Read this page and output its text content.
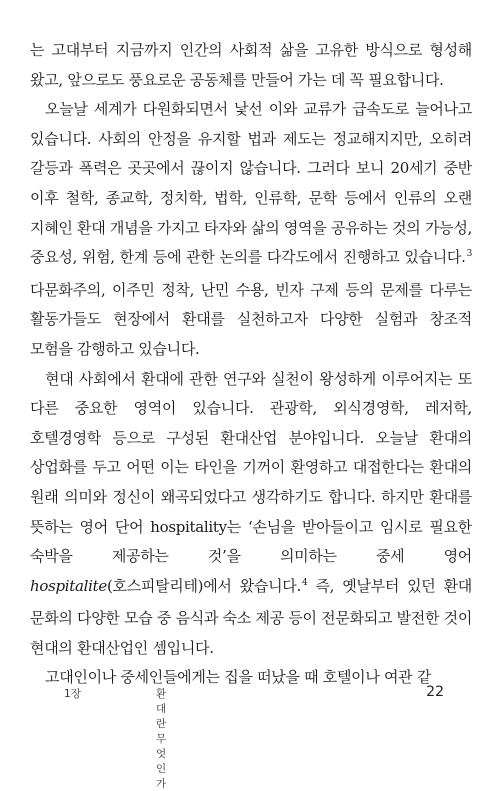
는 고대부터 지금까지 인간의 사회적 삶을 고유한 방식으로 형성해 왔고, 앞으로도 풍요로운 공동체를 만들어 가는 데 꼭 필요합니다.

오늘날 세계가 다원화되면서 낯선 이와 교류가 급속도로 늘어나고 있습니다. 사회의 안정을 유지할 법과 제도는 정교해지지만, 오히려 갈등과 폭력은 곳곳에서 끊이지 않습니다. 그러다 보니 20세기 중반 이후 철학, 종교학, 정치학, 법학, 인류학, 문학 등에서 인류의 오랜 지혜인 환대 개념을 가지고 타자와 삶의 영역을 공유하는 것의 가능성, 중요성, 위험, 한계 등에 관한 논의를 다각도에서 진행하고 있습니다.$^3$ 다문화주의, 이주민 정착, 난민 수용, 빈자 구제 등의 문제를 다루는 활동가들도 현장에서 환대를 실천하고자 다양한 실험과 창조적 모험을 감행하고 있습니다.

현대 사회에서 환대에 관한 연구와 실천이 왕성하게 이루어지는 또 다른 중요한 영역이 있습니다. 관광학, 외식경영학, 레저학, 호텔경영학 등으로 구성된 환대산업 분야입니다. 오늘날 환대의 상업화를 두고 어떤 이는 타인을 기꺼이 환영하고 대접한다는 환대의 원래 의미와 정신이 왜곡되었다고 생각하기도 합니다. 하지만 환대를 뜻하는 영어 단어 hospitality는 ‘손님을 받아들이고 임시로 필요한 숙박을 제공하는 것’을 의미하는 중세 영어 hospitalite(호스피탈리테)에서 왔습니다.$^4$ 즉, 옛날부터 있던 환대 문화의 다양한 모습 중 음식과 숙소 제공 등이 전문화되고 발전한 것이 현대의 환대산업인 셈입니다.

고대인이나 중세인들에게는 집을 떠났을 때 호텔이나 여관 같

1장	환대란 무엇인가
22
